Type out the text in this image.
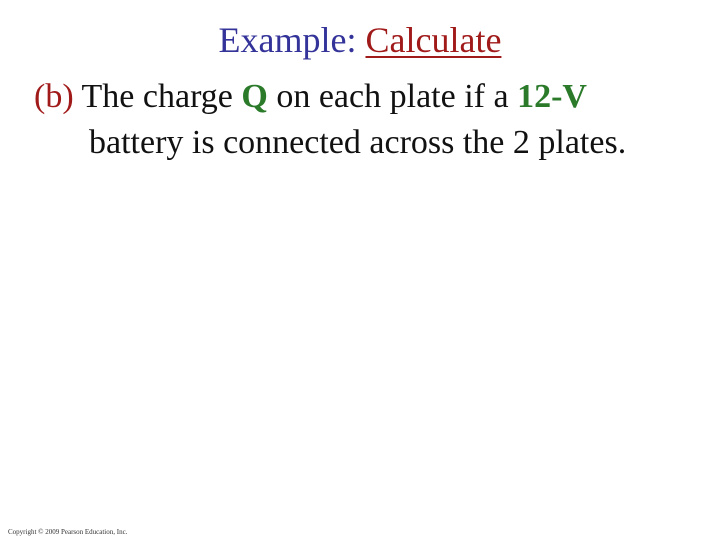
Example: Calculate
(b) The charge Q on each plate if a 12-V
battery is connected across the 2 plates.
Copyright © 2009 Pearson Education, Inc.
